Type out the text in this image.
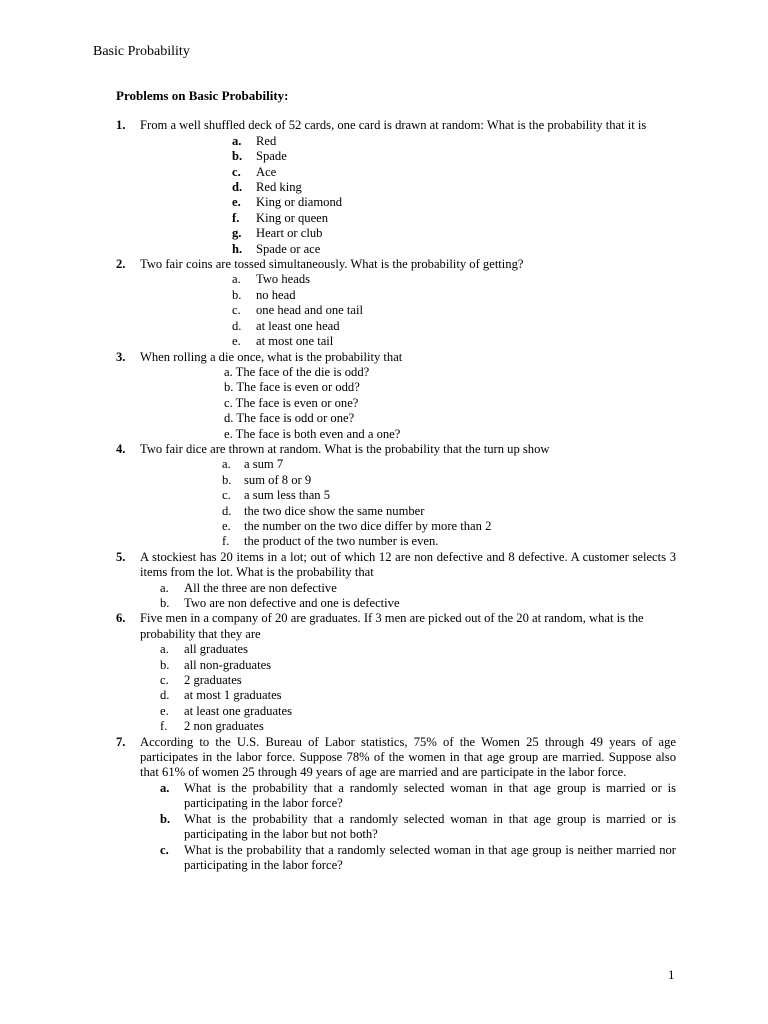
Basic Probability
Problems on Basic Probability:
1. From a well shuffled deck of 52 cards, one card is drawn at random: What is the probability that it is
a. Red
b. Spade
c. Ace
d. Red king
e. King or diamond
f. King or queen
g. Heart or club
h. Spade or ace
2. Two fair coins are tossed simultaneously. What is the probability of getting?
a. Two heads
b. no head
c. one head and one tail
d. at least one head
e. at most one tail
3. When rolling a die once, what is the probability that
a. The face of the die is odd?
b. The face is even or odd?
c. The face is even or one?
d. The face is odd or one?
e. The face is both even and a one?
4. Two fair dice are thrown at random. What is the probability that the turn up show
a. a sum 7
b. sum of 8 or 9
c. a sum less than 5
d. the two dice show the same number
e. the number on the two dice differ by more than 2
f. the product of the two number is even.
5. A stockiest has 20 items in a lot; out of which 12 are non defective and 8 defective. A customer selects 3 items from the lot. What is the probability that
a. All the three are non defective
b. Two are non defective and one is defective
6. Five men in a company of 20 are graduates. If 3 men are picked out of the 20 at random, what is the probability that they are
a. all graduates
b. all non-graduates
c. 2 graduates
d. at most 1 graduates
e. at least one graduates
f. 2 non graduates
7. According to the U.S. Bureau of Labor statistics, 75% of the Women 25 through 49 years of age participates in the labor force. Suppose 78% of the women in that age group are married. Suppose also that 61% of women 25 through 49 years of age are married and are participate in the labor force.
a. What is the probability that a randomly selected woman in that age group is married or is participating in the labor force?
b. What is the probability that a randomly selected woman in that age group is married or is participating in the labor but not both?
c. What is the probability that a randomly selected woman in that age group is neither married nor participating in the labor force?
1
